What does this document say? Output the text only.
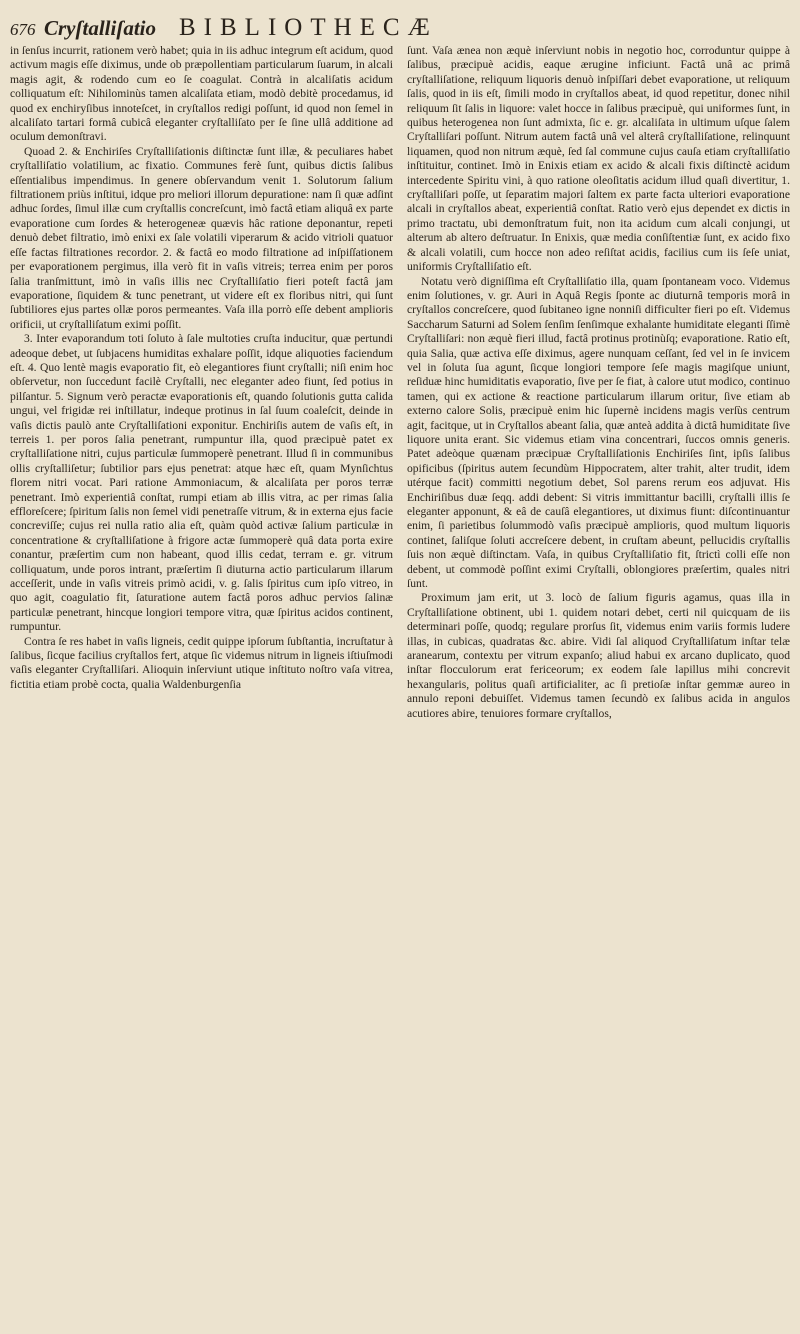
676 Cryſtalliſatio BIBLIOTHECÆ

in ſenſus incurrit, rationem verò habet; quia in iis adhuc integrum eſt acidum, quod activum magis eſſe diximus, unde ob præpollentiam particularum ſuarum, in alcali magis agit, & rodendo cum eo ſe coagulat. Contrà in alcaliſatis acidum colliquatum eſt: Nihilominùs tamen alcaliſata etiam, modò debitè procedamus, id quod ex enchiryſibus innoteſcet, in cryſtallos redigi poſſunt, id quod non ſemel in alcaliſato tartari formâ cubicâ eleganter cryſtalliſato per ſe ſine ullâ additione ad oculum demonſtravi.

Quoad 2. & Enchiriſes Cryſtalliſationis diſtinctæ ſunt illæ, & peculiares habet cryſtalliſatio volatilium, ac fixatio. Communes ferè ſunt, quibus dictis ſalibus eſſentialibus impendimus. In genere obſervandum venit 1. Solutorum ſalium filtrationem priùs inſtitui, idque pro meliori illorum depuratione: nam ſi quæ adſint adhuc ſordes, ſimul illæ cum cryſtallis concreſcunt, imò factâ etiam aliquâ ex parte evaporatione cum ſordes & heterogeneæ quævis hâc ratione deponantur, repeti denuò debet filtratio, imò enixi ex ſale volatili viperarum & acido vitrioli quatuor eſſe factas filtrationes recordor. 2. & factâ eo modo filtratione ad inſpiſſationem per evaporationem pergimus, illa verò fit in vaſis vitreis; terrea enim per poros ſalia tranſmittunt, imò in vaſis illis nec Cryſtalliſatio fieri poteſt factâ jam evaporatione, ſiquidem & tunc penetrant, ut videre eſt ex floribus nitri, qui ſunt ſubtiliores ejus partes ollæ poros permeantes. Vaſa illa porrò eſſe debent amplioris orificii, ut cryſtalliſatum eximi poſſit.

3. Inter evaporandum toti ſoluto à ſale multoties cruſta inducitur, quæ pertundi adeoque debet, ut ſubjacens humiditas exhalare poſſit, idque aliquoties faciendum eſt. 4. Quo lentè magis evaporatio fit, eò elegantiores fiunt cryſtalli; niſi enim hoc obſervetur, non ſuccedunt facilè Cryſtalli, nec eleganter adeo fiunt, ſed potius in pilſantur. 5. Signum verò peractæ evaporationis eſt, quando ſolutionis gutta calida ungui, vel frigidæ rei inſtillatur, indeque protinus in ſal ſuum coaleſcit, deinde in vaſis dictis paulò ante Cryſtalliſationi exponitur. Enchiriſis autem de vaſis eſt, in terreis 1. per poros ſalia penetrant, rumpuntur illa, quod præcipuè patet ex cryſtalliſatione nitri, cujus particulæ ſummoperè penetrant. Illud ſi in communibus ollis cryſtalliſetur; ſubtilior pars ejus penetrat: atque hæc eſt, quam Mynſichtus florem nitri vocat. Pari ratione Ammoniacum, & alcaliſata per poros terræ penetrant. Imò experientiâ conſtat, rumpi etiam ab illis vitra, ac per rimas ſalia effloreſcere; ſpiritum ſalis non ſemel vidi penetraſſe vitrum, & in externa ejus facie concreviſſe; cujus rei nulla ratio alia eſt, quàm quòd activæ ſalium particulæ in concentratione & cryſtalliſatione à frigore actæ ſummoperè quâ data porta exire conantur, præſertim cum non habeant, quod illis cedat, terram e. gr. vitrum colliquatum, unde poros intrant, præſertim ſi diuturna actio particularum illarum acceſſerit, unde in vaſis vitreis primò acidi, v. g. ſalis ſpiritus cum ipſo vitreo, in quo agit, coagulatio fit, ſaturatione autem factâ poros adhuc pervios ſalinæ particulæ penetrant, hincque longiori tempore vitra, quæ ſpiritus acidos continent, rumpuntur.

Contra ſe res habet in vaſis ligneis, cedit quippe ipſorum ſubſtantia, incruſtatur à ſalibus, ſicque facilius cryſtallos fert, atque ſic videmus nitrum in ligneis iſtiuſmodi vaſis eleganter Cryſtalliſari. Alioquin inſerviunt utique inſtituto noſtro vaſa vitrea, fictitia etiam probè cocta, qualia Waldenburgenſia

ſunt. Vaſa ænea non æquè inſerviunt nobis in negotio hoc, corroduntur quippe à ſalibus, præcipuè acidis, eaque ærugine inficiunt. Factâ unâ ac primâ cryſtalliſatione, reliquum liquoris denuò inſpiſſari debet evaporatione, ut reliquum ſalis, quod in iis eſt, ſimili modo in cryſtallos abeat, id quod repetitur, donec nihil reliquum ſit ſalis in liquore: valet hocce in ſalibus præcipuè, qui uniformes ſunt, in quibus heterogenea non ſunt admixta, ſic e. gr. alcaliſata in ultimum uſque ſalem Cryſtalliſari poſſunt. Nitrum autem factâ unâ vel alterâ cryſtalliſatione, relinquunt liquamen, quod non nitrum æquè, ſed ſal commune cujus cauſa etiam cryſtalliſatio inſtituitur, continet. Imò in Enixis etiam ex acido & alcali fixis diſtinctè acidum intercedente Spiritu vini, à quo ratione oleoſitatis acidum illud quaſi divertitur, 1. cryſtalliſari poſſe, ut ſeparatim majori ſaltem ex parte facta ulteriori evaporatione alcali in cryſtallos abeat, experientiâ conſtat. Ratio verò ejus dependet ex dictis in primo tractatu, ubi demonſtratum fuit, non ita acidum cum alcali conjungi, ut alterum ab altero deſtruatur. In Enixis, quæ media conſiſtentiæ ſunt, ex acido fixo & alcali volatili, cum hocce non adeo reſiſtat acidis, facilius cum iis ſeſe uniat, uniformis Cryſtalliſatio eſt.

Notatu verò digniſſima eſt Cryſtalliſatio illa, quam ſpontaneam voco. Videmus enim ſolutiones, v. gr. Auri in Aquâ Regis ſponte ac diuturnâ temporis morâ in cryſtallos concreſcere, quod ſubitaneo igne nonniſi difficulter fieri po eſt. Videmus Saccharum Saturni ad Solem ſenſim ſenſimque exhalante humiditate eleganti ſſimè Cryſtalliſari: non æquè fieri illud, factâ protinus protinùſq; evaporatione. Ratio eſt, quia Salia, quæ activa eſſe diximus, agere nunquam ceſſant, ſed vel in ſe invicem vel in ſoluta ſua agunt, ſicque longiori tempore ſeſe magis magiſque uniunt, reſiduæ hinc humiditatis evaporatio, ſive per ſe fiat, à calore utut modico, continuo tamen, qui ex actione & reactione particularum illarum oritur, ſive etiam ab externo calore Solis, præcipuè enim hic ſupernè incidens magis verſùs centrum agit, facitque, ut in Cryſtallos abeant ſalia, quæ anteà addita à dictâ humiditate ſive liquore unita erant. Sic videmus etiam vina concentrari, ſuccos omnis generis. Patet adeòque quænam præcipuæ Cryſtalliſationis Enchiriſes ſint, ipſis ſalibus opificibus (ſpiritus autem ſecundùm Hippocratem, alter trahit, alter trudit, idem utérque facit) committi negotium debet, Sol parens rerum eos adjuvat. His Enchiriſibus duæ ſeqq. addi debent: Si vitris immittantur bacilli, cryſtalli illis ſe eleganter apponunt, & eâ de cauſâ elegantiores, ut diximus fiunt: diſcontinuantur enim, ſi parietibus ſolummodò vaſis præcipuè amplioris, quod multum liquoris continet, ſaliſque ſoluti accreſcere debent, in cruſtam abeunt, pellucidis cryſtallis ſuis non æquè diſtinctam. Vaſa, in quibus Cryſtalliſatio fit, ſtrictì colli eſſe non debent, ut commodè poſſint eximi Cryſtalli, oblongiores præſertim, quales nitri ſunt.

Proximum jam erit, ut 3. locò de ſalium figuris agamus, quas illa in Cryſtalliſatione obtinent, ubi 1. quidem notari debet, certi nil quicquam de iis determinari poſſe, quodq; regulare prorſus ſit, videmus enim variis formis ludere illas, in cubicas, quadratas &c. abire. Vidi ſal aliquod Cryſtalliſatum inſtar telæ aranearum, contextu per vitrum expanſo; aliud habui ex arcano duplicato, quod inſtar flocculorum erat fericeorum; ex eodem ſale lapillus mihi concrevit hexangularis, politus quaſi artificialiter, ac ſi pretioſæ inſtar gemmæ aureo in annulo reponi debuiſſet. Videmus tamen ſecundò ex ſalibus acida in angulos acutiores abire, tenuiores formare cryſtallos,
